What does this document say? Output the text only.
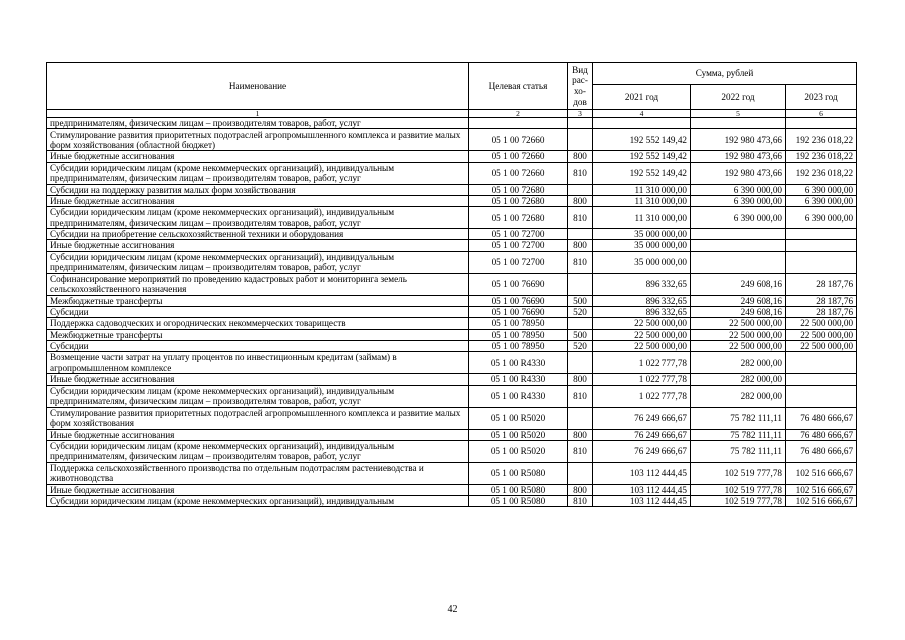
Наименование	Целевая статья	Вид
рас-
хо-
дов	Сумма, рублей		
			2021 год	2022 год	2023 год
1	2	3	4	5	6
предпринимателям, физическим лицам – производителям товаров, работ, услуг					
Стимулирование развития приоритетных подотраслей агропромышленного комплекса и развитие малых форм хозяйствования (областной бюджет)	05 1 00 72660		192 552 149,42	192 980 473,66	192 236 018,22
Иные бюджетные ассигнования	05 1 00 72660	800	192 552 149,42	192 980 473,66	192 236 018,22
Субсидии юридическим лицам (кроме некоммерческих организаций), индивидуальным предпринимателям, физическим лицам – производителям товаров, работ, услуг	05 1 00 72660	810	192 552 149,42	192 980 473,66	192 236 018,22
Субсидии на поддержку развития малых форм хозяйствования	05 1 00 72680		11 310 000,00	6 390 000,00	6 390 000,00
Иные бюджетные ассигнования	05 1 00 72680	800	11 310 000,00	6 390 000,00	6 390 000,00
Субсидии юридическим лицам (кроме некоммерческих организаций), индивидуальным предпринимателям, физическим лицам – производителям товаров, работ, услуг	05 1 00 72680	810	11 310 000,00	6 390 000,00	6 390 000,00
Субсидии на приобретение сельскохозяйственной техники и оборудования	05 1 00 72700		35 000 000,00		
Иные бюджетные ассигнования	05 1 00 72700	800	35 000 000,00		
Субсидии юридическим лицам (кроме некоммерческих организаций), индивидуальным предпринимателям, физическим лицам – производителям товаров, работ, услуг	05 1 00 72700	810	35 000 000,00		
Софинансирование мероприятий по проведению кадастровых работ и мониторинга земель сельскохозяйственного назначения	05 1 00 76690		896 332,65	249 608,16	28 187,76
Межбюджетные трансферты	05 1 00 76690	500	896 332,65	249 608,16	28 187,76
Субсидии	05 1 00 76690	520	896 332,65	249 608,16	28 187,76
Поддержка садоводческих и огороднических некоммерческих товариществ	05 1 00 78950		22 500 000,00	22 500 000,00	22 500 000,00
Межбюджетные трансферты	05 1 00 78950	500	22 500 000,00	22 500 000,00	22 500 000,00
Субсидии	05 1 00 78950	520	22 500 000,00	22 500 000,00	22 500 000,00
Возмещение части затрат на уплату процентов по инвестиционным кредитам (займам) в агропромышленном комплексе	05 1 00 R4330		1 022 777,78	282 000,00	
Иные бюджетные ассигнования	05 1 00 R4330	800	1 022 777,78	282 000,00	
Субсидии юридическим лицам (кроме некоммерческих организаций), индивидуальным предпринимателям, физическим лицам – производителям товаров, работ, услуг	05 1 00 R4330	810	1 022 777,78	282 000,00	
Стимулирование развития приоритетных подотраслей агропромышленного комплекса и развитие малых форм хозяйствования	05 1 00 R5020		76 249 666,67	75 782 111,11	76 480 666,67
Иные бюджетные ассигнования	05 1 00 R5020	800	76 249 666,67	75 782 111,11	76 480 666,67
Субсидии юридическим лицам (кроме некоммерческих организаций), индивидуальным предпринимателям, физическим лицам – производителям товаров, работ, услуг	05 1 00 R5020	810	76 249 666,67	75 782 111,11	76 480 666,67
Поддержка сельскохозяйственного производства по отдельным подотраслям растениеводства и животноводства	05 1 00 R5080		103 112 444,45	102 519 777,78	102 516 666,67
Иные бюджетные ассигнования	05 1 00 R5080	800	103 112 444,45	102 519 777,78	102 516 666,67
Субсидии юридическим лицам (кроме некоммерческих организаций), индивидуальным	05 1 00 R5080	810	103 112 444,45	102 519 777,78	102 516 666,67
42
